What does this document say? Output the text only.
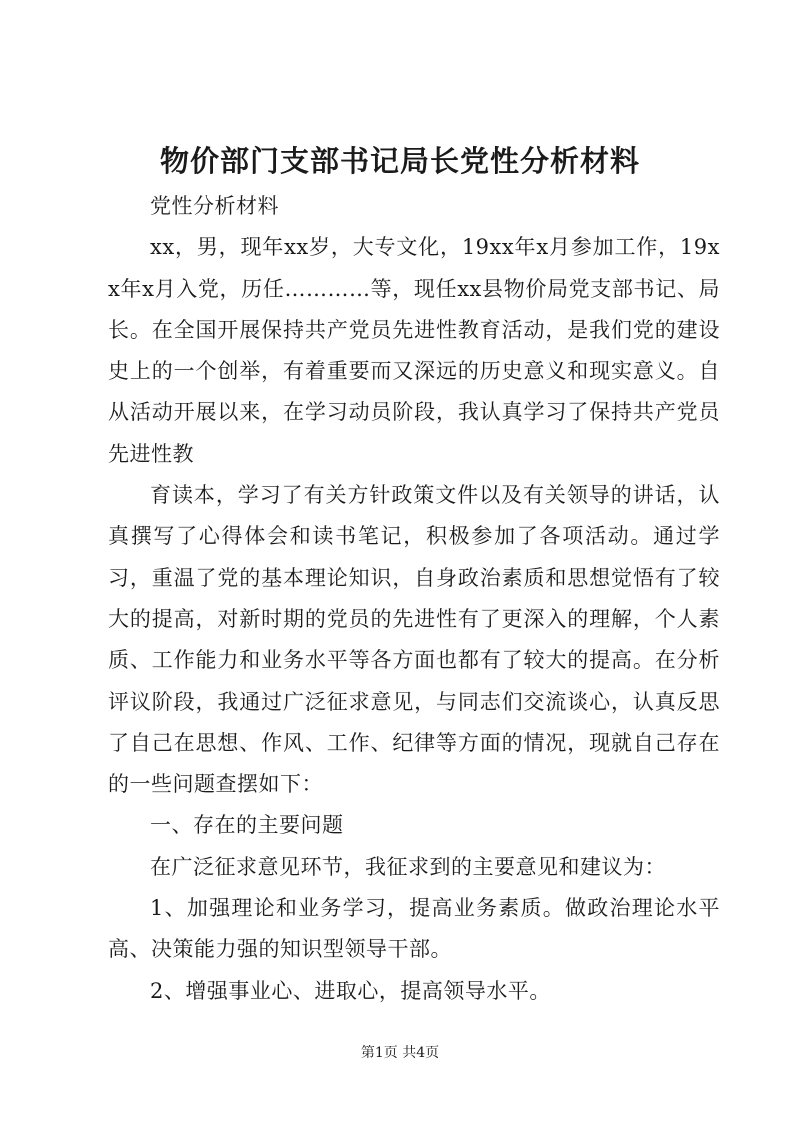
物价部门支部书记局长党性分析材料

党性分析材料

xx，男，现年xx岁，大专文化，19xx年x月参加工作，19xx年x月入党，历任…………等，现任xx县物价局党支部书记、局长。在全国开展保持共产党员先进性教育活动，是我们党的建设史上的一个创举，有着重要而又深远的历史意义和现实意义。自从活动开展以来，在学习动员阶段，我认真学习了保持共产党员先进性教

育读本，学习了有关方针政策文件以及有关领导的讲话，认真撰写了心得体会和读书笔记，积极参加了各项活动。通过学习，重温了党的基本理论知识，自身政治素质和思想觉悟有了较大的提高，对新时期的党员的先进性有了更深入的理解，个人素质、工作能力和业务水平等各方面也都有了较大的提高。在分析评议阶段，我通过广泛征求意见，与同志们交流谈心，认真反思了自己在思想、作风、工作、纪律等方面的情况，现就自己存在的一些问题查摆如下：

一、存在的主要问题

在广泛征求意见环节，我征求到的主要意见和建议为：

1、加强理论和业务学习，提高业务素质。做政治理论水平高、决策能力强的知识型领导干部。

2、增强事业心、进取心，提高领导水平。

第1页 共4页
